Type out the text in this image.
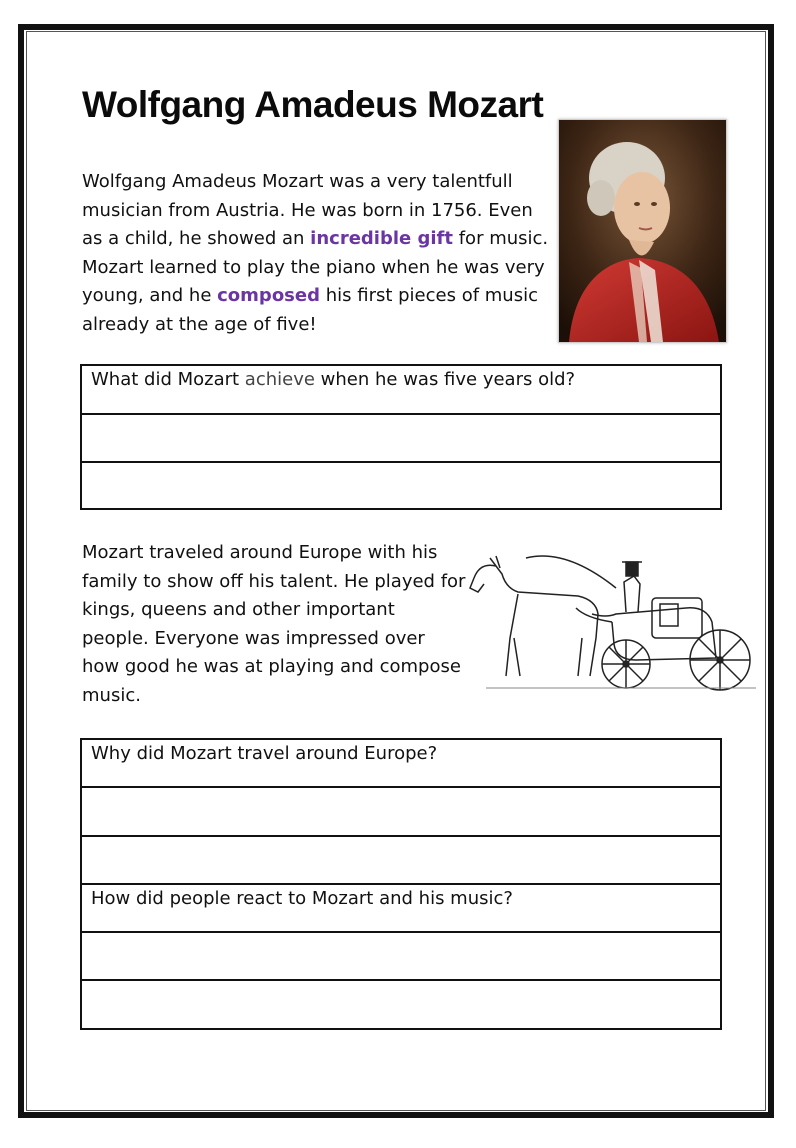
Wolfgang Amadeus Mozart
Wolfgang Amadeus Mozart was a very talentfull musician from Austria. He was born in 1756. Even as a child, he showed an incredible gift for music. Mozart learned to play the piano when he was very young, and he composed his first pieces of music already at the age of five!
What did Mozart achieve when he was five years old?
Mozart traveled around Europe with his family to show off his talent. He played for kings, queens and other important people. Everyone was impressed over how good he was at playing and compose music.
Why did Mozart travel around Europe?
How did people react to Mozart and his music?
